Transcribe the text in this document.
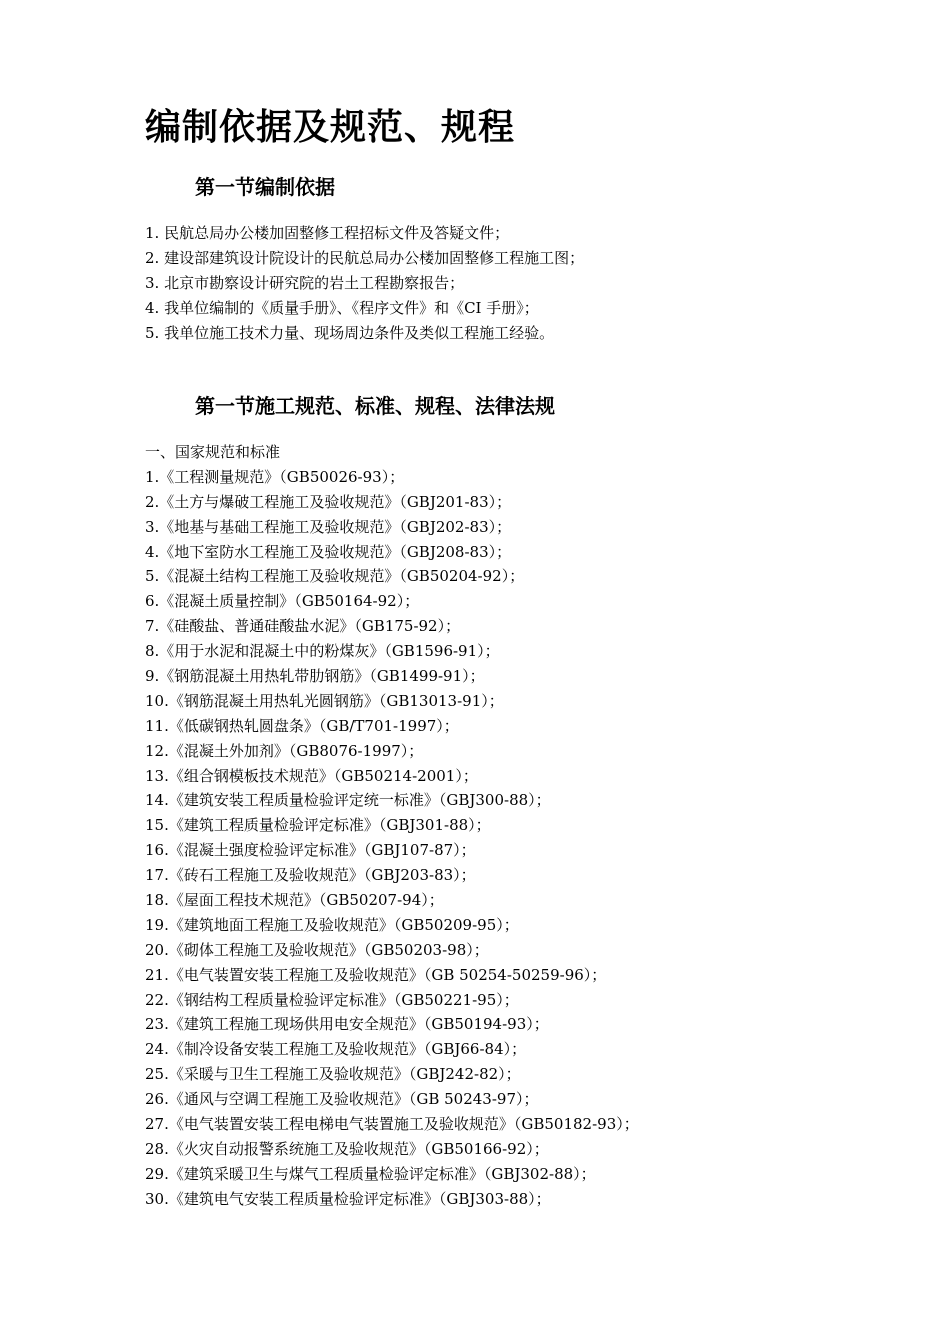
编制依据及规范、规程
第一节编制依据
1. 民航总局办公楼加固整修工程招标文件及答疑文件；
2. 建设部建筑设计院设计的民航总局办公楼加固整修工程施工图；
3. 北京市勘察设计研究院的岩土工程勘察报告；
4. 我单位编制的《质量手册》、《程序文件》和《CI 手册》；
5. 我单位施工技术力量、现场周边条件及类似工程施工经验。
第一节施工规范、标准、规程、法律法规
一、国家规范和标准
1.《工程测量规范》（GB50026-93）；
2.《土方与爆破工程施工及验收规范》（GBJ201-83）；
3.《地基与基础工程施工及验收规范》（GBJ202-83）；
4.《地下室防水工程施工及验收规范》（GBJ208-83）；
5.《混凝土结构工程施工及验收规范》（GB50204-92）；
6.《混凝土质量控制》（GB50164-92）；
7.《硅酸盐、普通硅酸盐水泥》（GB175-92）；
8.《用于水泥和混凝土中的粉煤灰》（GB1596-91）；
9.《钢筋混凝土用热轧带肋钢筋》（GB1499-91）；
10.《钢筋混凝土用热轧光圆钢筋》（GB13013-91）；
11.《低碳钢热轧圆盘条》（GB/T701-1997）；
12.《混凝土外加剂》（GB8076-1997）；
13.《组合钢模板技术规范》（GB50214-2001）；
14.《建筑安装工程质量检验评定统一标准》（GBJ300-88）；
15.《建筑工程质量检验评定标准》（GBJ301-88）；
16.《混凝土强度检验评定标准》（GBJ107-87）；
17.《砖石工程施工及验收规范》（GBJ203-83）；
18.《屋面工程技术规范》（GB50207-94）；
19.《建筑地面工程施工及验收规范》（GB50209-95）；
20.《砌体工程施工及验收规范》（GB50203-98）；
21.《电气装置安装工程施工及验收规范》（GB 50254-50259-96）；
22.《钢结构工程质量检验评定标准》（GB50221-95）；
23.《建筑工程施工现场供用电安全规范》（GB50194-93）；
24.《制冷设备安装工程施工及验收规范》（GBJ66-84）；
25.《采暖与卫生工程施工及验收规范》（GBJ242-82）；
26.《通风与空调工程施工及验收规范》（GB 50243-97）；
27.《电气装置安装工程电梯电气装置施工及验收规范》（GB50182-93）；
28.《火灾自动报警系统施工及验收规范》（GB50166-92）；
29.《建筑采暖卫生与煤气工程质量检验评定标准》（GBJ302-88）；
30.《建筑电气安装工程质量检验评定标准》（GBJ303-88）；
